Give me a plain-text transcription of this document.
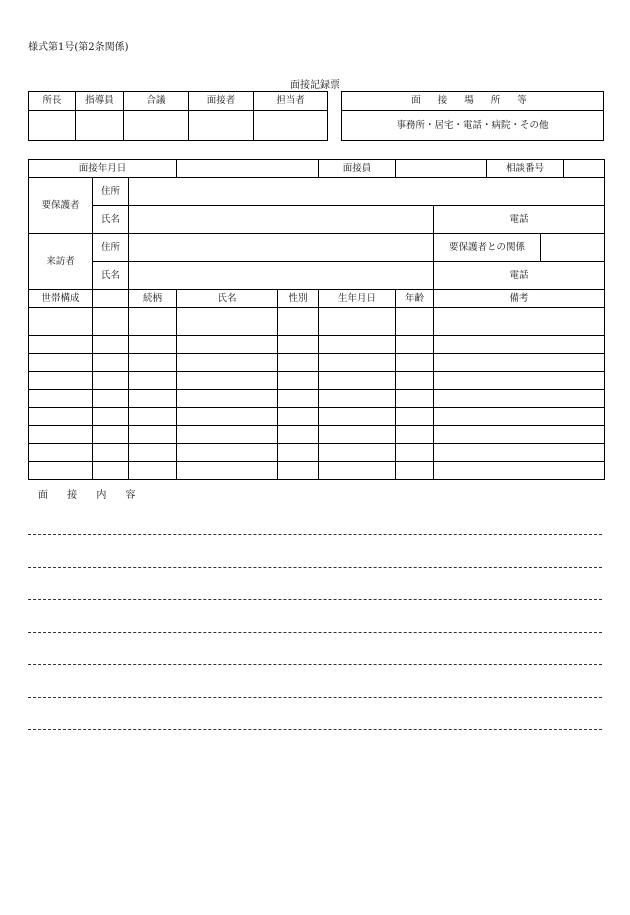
様式第1号(第2条関係)
面接記録票
所長	指導員	合議	面接者	担当者
					面 接 場 所 等
事務所・居宅・電話・病院・その他
面接年月日					面接員			相談番号	

要保護者	住所								
	氏名						電話		
来訪者	住所						要保護者との関係		

	氏名						電話		
世帯構成		続柄	氏名	性別	生年月日	年齢	備考		

面 接 内 容
